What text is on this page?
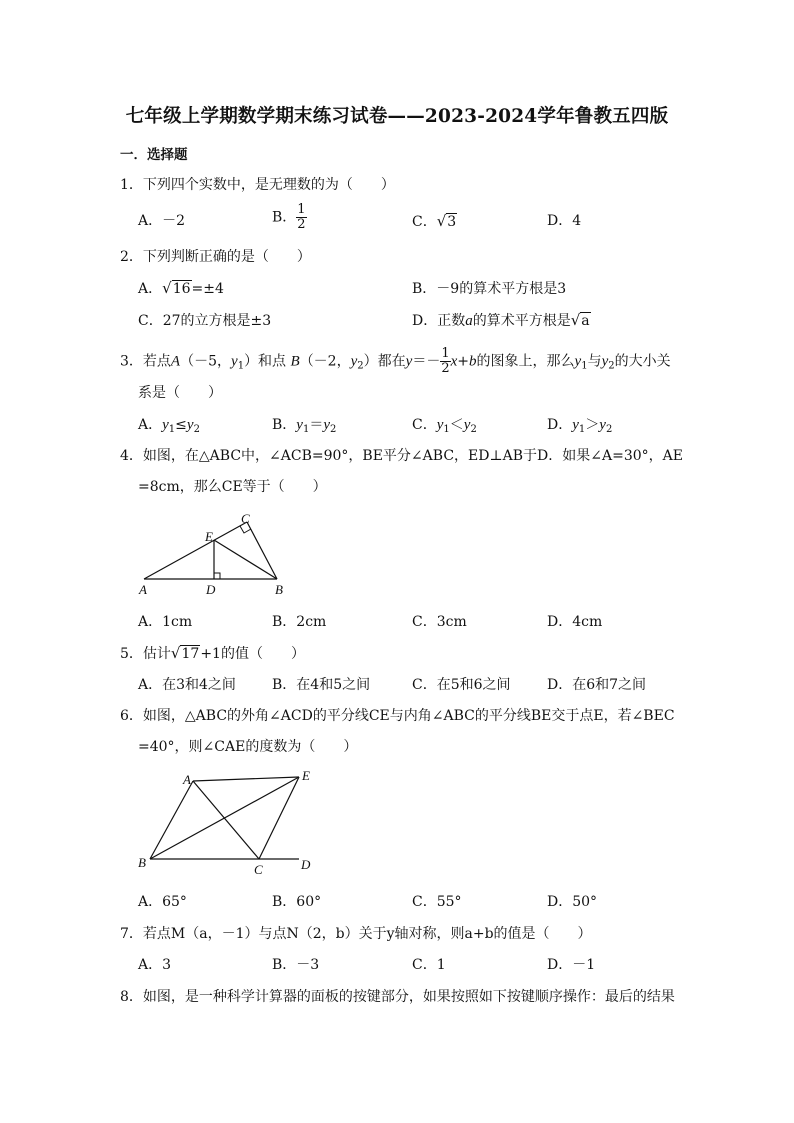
七年级上学期数学期末练习试卷——2023-2024学年鲁教五四版
一．选择题
1．下列四个实数中，是无理数的为（　　）
A．－2	B． $\frac{1}{2}$	C．√3	D．4
2．下列判断正确的是（　　）
A．√16=±4	B．－9的算术平方根是3
C．27的立方根是±3	D．正数a的算术平方根是√a
3．若点A（－5，$y_1$）和点 B（－2，$y_2$）都在$y=- \frac{1}{2} x+b$的图象上，那么$y_1$与$y_2$的大小关
系是（　　）
A．$y_1\le y_2$	B．$y_1=y_2$	C．$y_1<y_2$	D．$y_1>y_2$
4．如图，在△ABC中，∠ACB=90°，BE平分∠ABC，ED⊥AB于D．如果∠A=30°，AE
=8cm，那么CE等于（　　）
C
E
A	D	B
A．1cm	B．2cm	C．3cm	D．4cm
5．估计√17+1的值（　　）
A．在3和4之间	B．在4和5之间	C．在5和6之间	D．在6和7之间
6．如图，△ABC的外角∠ACD的平分线CE与内角∠ABC的平分线BE交于点E，若∠BEC
=40°，则∠CAE的度数为（　　）
A	E
B	C	D
A．65°	B．60°	C．55°	D．50°
7．若点M（a，－1）与点N（2，b）关于y轴对称，则a+b的值是（　　）
A．3	B．－3	C．1	D．－1
8．如图，是一种科学计算器的面板的按键部分，如果按照如下按键顺序操作：最后的结果
